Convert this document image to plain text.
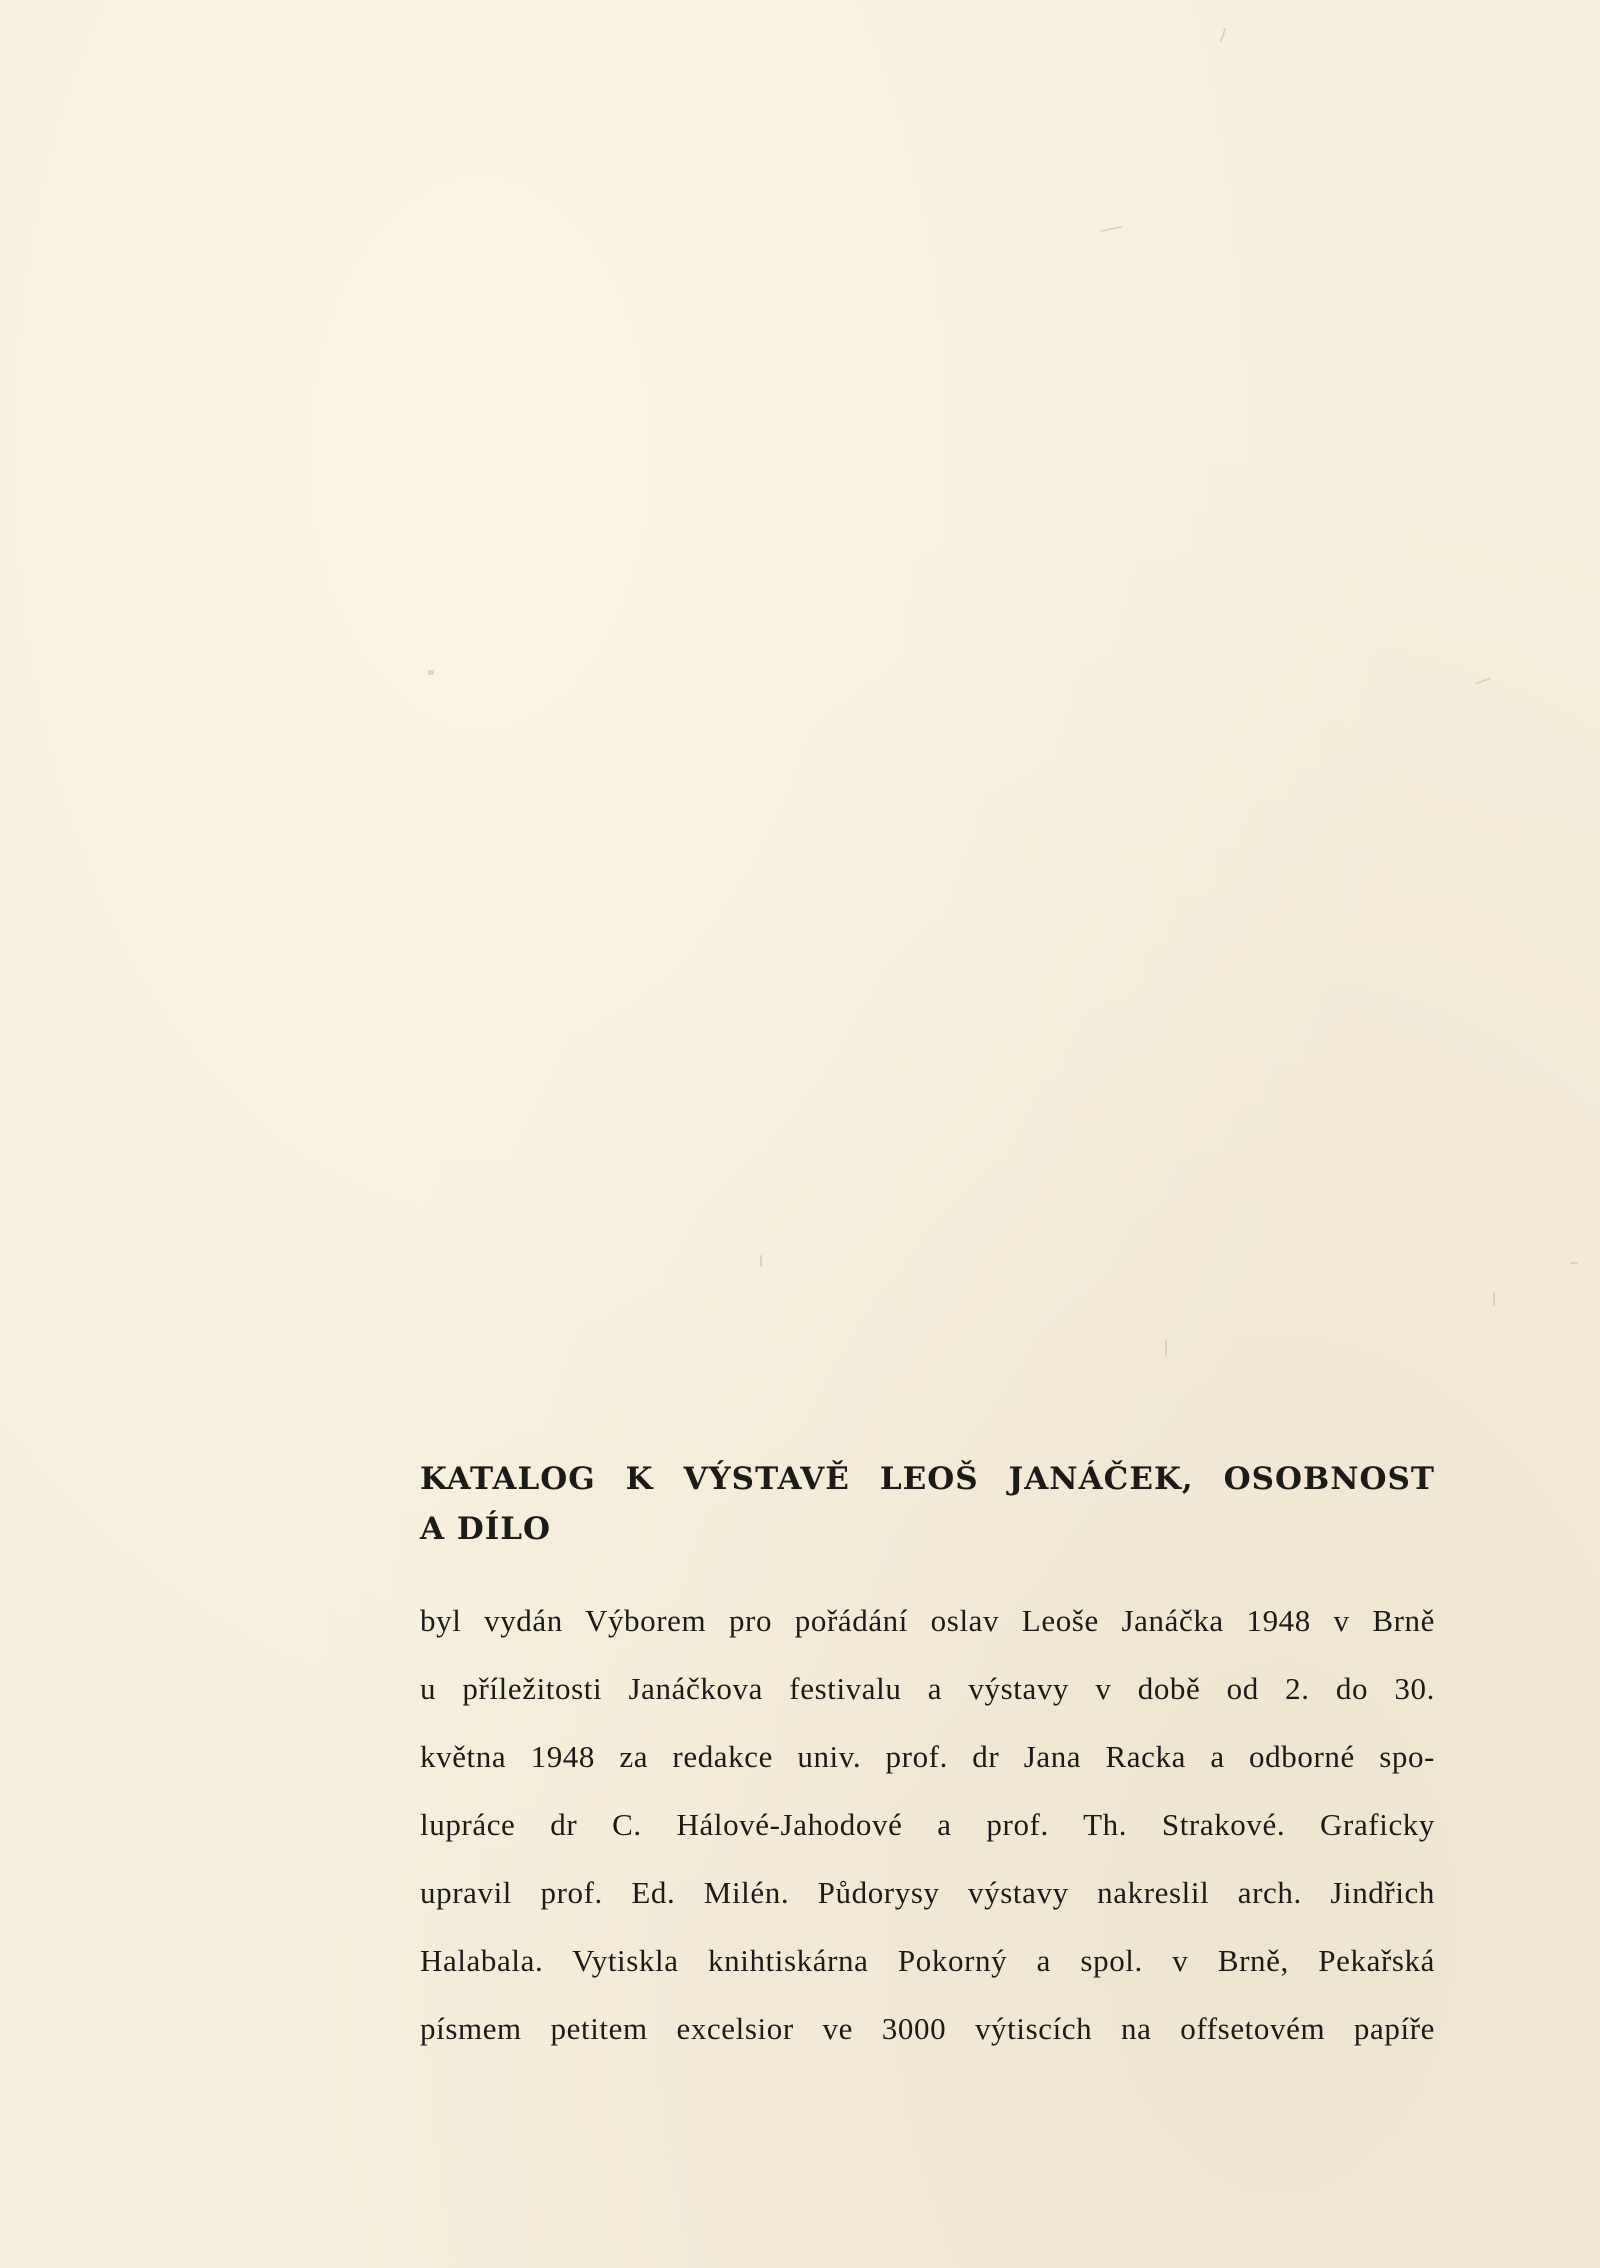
KATALOG K VÝSTAVĚ LEOŠ JANÁČEK, OSOBNOST
A DÍLO
byl vydán Výborem pro pořádání oslav Leoše Janáčka 1948 v Brně
u příležitosti Janáčkova festivalu a výstavy v době od 2. do 30.
května 1948 za redakce univ. prof. dr Jana Racka a odborné spo-
lupráce dr C. Hálové-Jahodové a prof. Th. Strakové. Graficky
upravil prof. Ed. Milén. Půdorysy výstavy nakreslil arch. Jindřich
Halabala. Vytiskla knihtiskárna Pokorný a spol. v Brně, Pekařská
písmem petitem excelsior ve 3000 výtiscích na offsetovém papíře
